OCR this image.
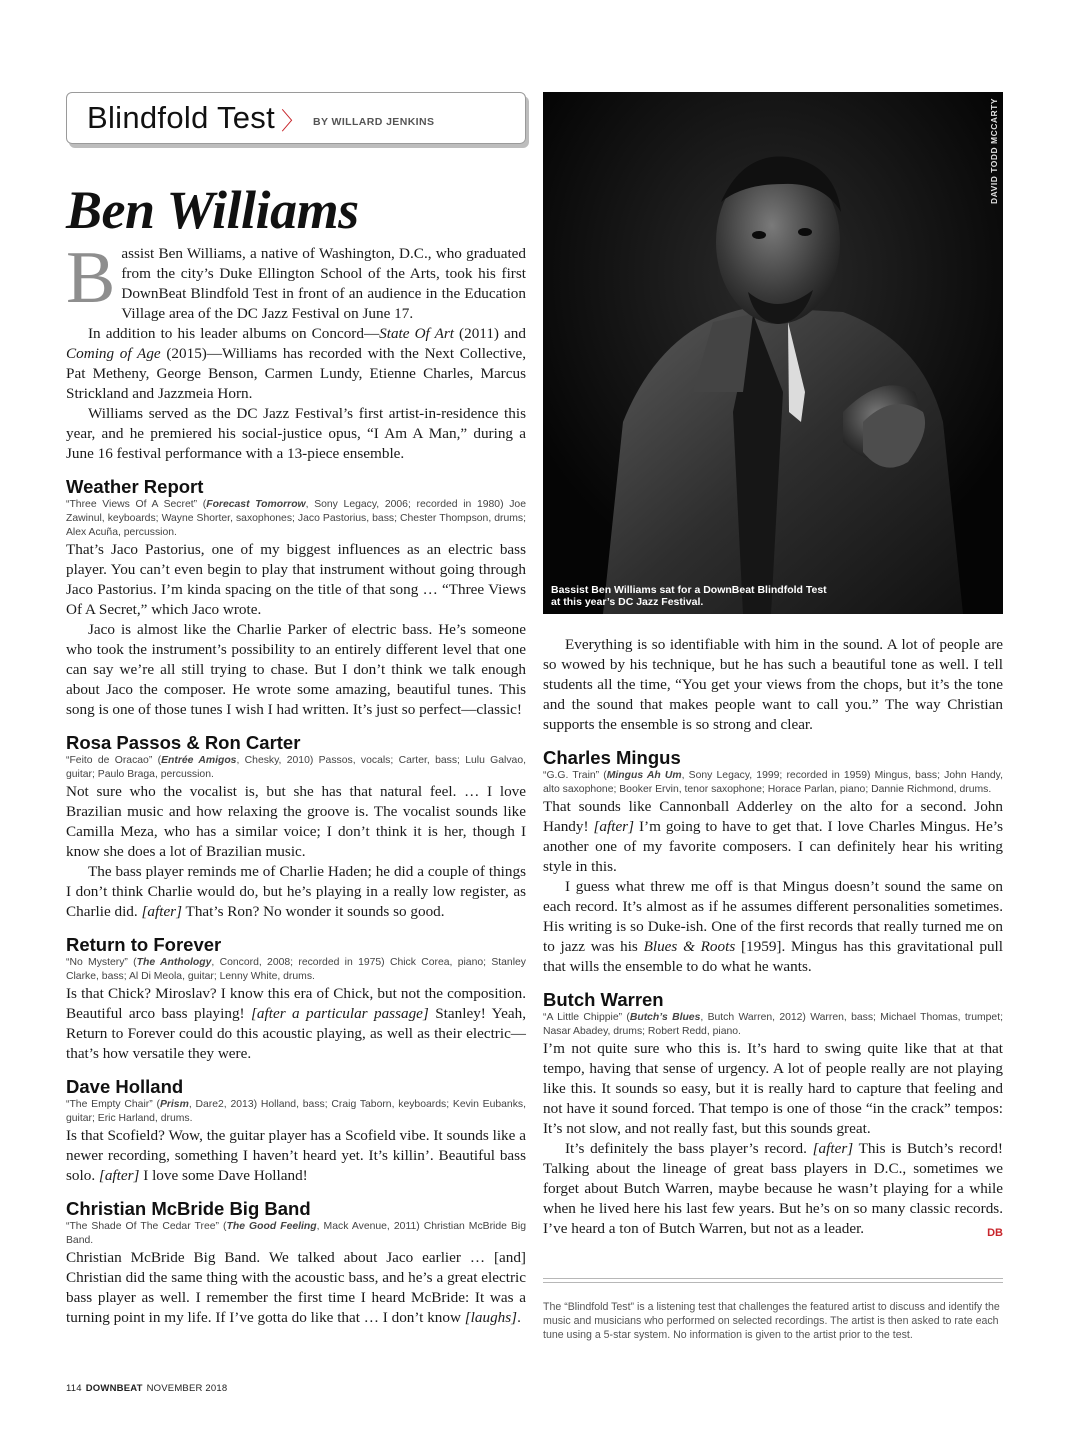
Blindfold Test 〉 BY WILLARD JENKINS
Ben Williams

Bassist Ben Williams, a native of Washington, D.C., who graduated from the city’s Duke Ellington School of the Arts, took his first DownBeat Blindfold Test in front of an audience in the Education Village area of the DC Jazz Festival on June 17.

In addition to his leader albums on Concord—State Of Art (2011) and Coming of Age (2015)—Williams has recorded with the Next Collective, Pat Metheny, George Benson, Carmen Lundy, Etienne Charles, Marcus Strickland and Jazzmeia Horn.

Williams served as the DC Jazz Festival’s first artist-in-residence this year, and he premiered his social-justice opus, “I Am A Man,” during a June 16 festival performance with a 13-piece ensemble.

Weather Report
“Three Views Of A Secret” (Forecast Tomorrow, Sony Legacy, 2006; recorded in 1980) Joe Zawinul, keyboards; Wayne Shorter, saxophones; Jaco Pastorius, bass; Chester Thompson, drums; Alex Acuña, percussion.

That’s Jaco Pastorius, one of my biggest influences as an electric bass player. You can’t even begin to play that instrument without going through Jaco Pastorius. I’m kinda spacing on the title of that song … “Three Views Of A Secret,” which Jaco wrote.

Jaco is almost like the Charlie Parker of electric bass. He’s someone who took the instrument’s possibility to an entirely different level that one can say we’re all still trying to chase. But I don’t think we talk enough about Jaco the composer. He wrote some amazing, beautiful tunes. This song is one of those tunes I wish I had written. It’s just so perfect—classic!

Rosa Passos & Ron Carter
“Feito de Oracao” (Entrée Amigos, Chesky, 2010) Passos, vocals; Carter, bass; Lulu Galvao, guitar; Paulo Braga, percussion.

Not sure who the vocalist is, but she has that natural feel. … I love Brazilian music and how relaxing the groove is. The vocalist sounds like Camilla Meza, who has a similar voice; I don’t think it is her, though I know she does a lot of Brazilian music.

The bass player reminds me of Charlie Haden; he did a couple of things I don’t think Charlie would do, but he’s playing in a really low register, as Charlie did. [after] That’s Ron? No wonder it sounds so good.

Return to Forever
“No Mystery” (The Anthology, Concord, 2008; recorded in 1975) Chick Corea, piano; Stanley Clarke, bass; Al Di Meola, guitar; Lenny White, drums.

Is that Chick? Miroslav? I know this era of Chick, but not the composition. Beautiful arco bass playing! [after a particular passage] Stanley! Yeah, Return to Forever could do this acoustic playing, as well as their electric—that’s how versatile they were.

Dave Holland
“The Empty Chair” (Prism, Dare2, 2013) Holland, bass; Craig Taborn, keyboards; Kevin Eubanks, guitar; Eric Harland, drums.

Is that Scofield? Wow, the guitar player has a Scofield vibe. It sounds like a newer recording, something I haven’t heard yet. It’s killin’. Beautiful bass solo. [after] I love some Dave Holland!

Christian McBride Big Band
“The Shade Of The Cedar Tree” (The Good Feeling, Mack Avenue, 2011) Christian McBride Big Band.

Christian McBride Big Band. We talked about Jaco earlier … [and] Christian did the same thing with the acoustic bass, and he’s a great electric bass player as well. I remember the first time I heard McBride: It was a turning point in my life. If I’ve gotta do like that … I don’t know [laughs].

DAVID TODD MCCARTY
Bassist Ben Williams sat for a DownBeat Blindfold Test at this year’s DC Jazz Festival.

Everything is so identifiable with him in the sound. A lot of people are so wowed by his technique, but he has such a beautiful tone as well. I tell students all the time, “You get your views from the chops, but it’s the tone and the sound that makes people want to call you.” The way Christian supports the ensemble is so strong and clear.

Charles Mingus
“G.G. Train” (Mingus Ah Um, Sony Legacy, 1999; recorded in 1959) Mingus, bass; John Handy, alto saxophone; Booker Ervin, tenor saxophone; Horace Parlan, piano; Dannie Richmond, drums.

That sounds like Cannonball Adderley on the alto for a second. John Handy! [after] I’m going to have to get that. I love Charles Mingus. He’s another one of my favorite composers. I can definitely hear his writing style in this.

I guess what threw me off is that Mingus doesn’t sound the same on each record. It’s almost as if he assumes different personalities sometimes. His writing is so Duke-ish. One of the first records that really turned me on to jazz was his Blues & Roots [1959]. Mingus has this gravitational pull that wills the ensemble to do what he wants.

Butch Warren
“A Little Chippie” (Butch’s Blues, Butch Warren, 2012) Warren, bass; Michael Thomas, trumpet; Nasar Abadey, drums; Robert Redd, piano.

I’m not quite sure who this is. It’s hard to swing quite like that at that tempo, having that sense of urgency. A lot of people really are not playing like this. It sounds so easy, but it is really hard to capture that feeling and not have it sound forced. That tempo is one of those “in the crack” tempos: It’s not slow, and not really fast, but this sounds great.

It’s definitely the bass player’s record. [after] This is Butch’s record! Talking about the lineage of great bass players in D.C., sometimes we forget about Butch Warren, maybe because he wasn’t playing for a while when he lived here his last few years. But he’s on so many classic records. I’ve heard a ton of Butch Warren, but not as a leader.	DB

The “Blindfold Test” is a listening test that challenges the featured artist to discuss and identify the music and musicians who performed on selected recordings. The artist is then asked to rate each tune using a 5-star system. No information is given to the artist prior to the test.
114 DOWNBEAT NOVEMBER 2018
